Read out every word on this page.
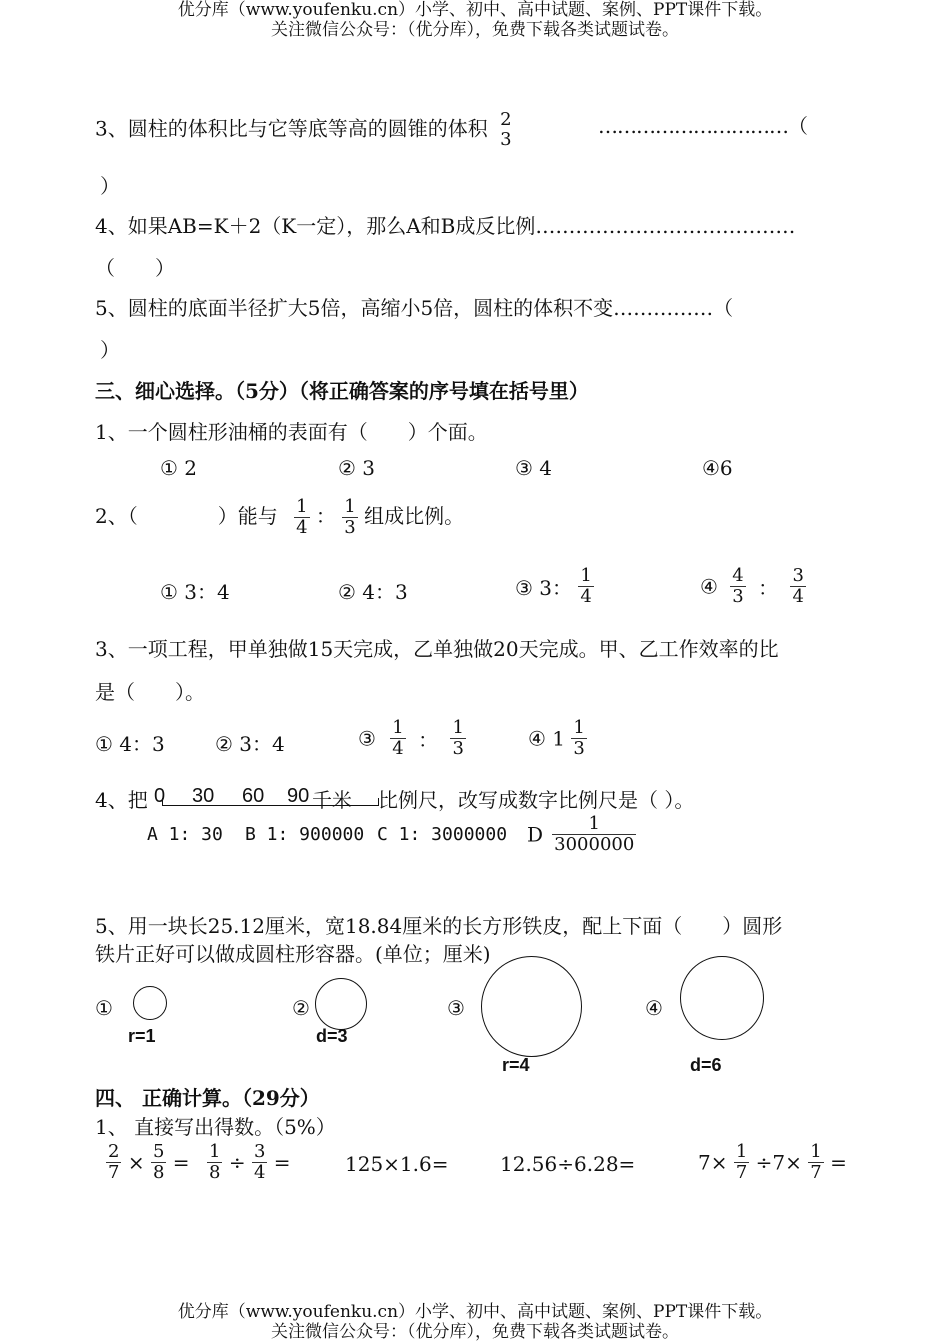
优分库（www.youfenku.cn）小学、初中、高中试题、案例、PPT课件下载。
关注微信公众号：（优分库），免费下载各类试题试卷。
3、圆柱的体积比与它等底等高的圆锥的体积 2
3
…………………………（
）
4、如果AB=K＋2（K一定），那么A和B成反比例…………………………………
（　　）
5、圆柱的底面半径扩大5倍，高缩小5倍，圆柱的体积不变……………（
）
三、细心选择。（5分）（将正确答案的序号填在括号里）
1、一个圆柱形油桶的表面有（　　）个面。
① 2	② 3	③ 4	④6
2、（　　　　）能与 $\frac{1}{4}$ ： $\frac{1}{3}$ 组成比例。
① 3：4	② 4：3	③ 3： $\frac{1}{4}$	④ $\frac{4}{3}$ ： $\frac{3}{4}$
3、一项工程，甲单独做15天完成，乙单独做20天完成。甲、乙工作效率的比
是（　　）。
① 4：3	② 3：4	③ $\frac{1}{4}$ ： $\frac{1}{3}$	④ $1 \frac{1}{3}$
4、把 0 30 60 90 千米 比例尺，改写成数字比例尺是（ ）。
A 1: 30 B 1: 900000 C 1: 3000000 D $\frac{1}{3000000}$
5、用一块长25.12厘米，宽18.84厘米的长方形铁皮，配上下面（　　）圆形
铁片正好可以做成圆柱形容器。(单位；厘米)
①
r=1
②
d=3
③
r=4
④
d=6
四、 正确计算。（29分）
1、 直接写出得数。（5%）
$\frac{2}{7} \times \frac{5}{8} = \frac{1}{8} \div \frac{3}{4}$ =	125×1.6=	12.56÷6.28=	$7\times \frac{1}{7} \div 7\times \frac{1}{7}$ =
优分库（www.youfenku.cn）小学、初中、高中试题、案例、PPT课件下载。
关注微信公众号：（优分库），免费下载各类试题试卷。
